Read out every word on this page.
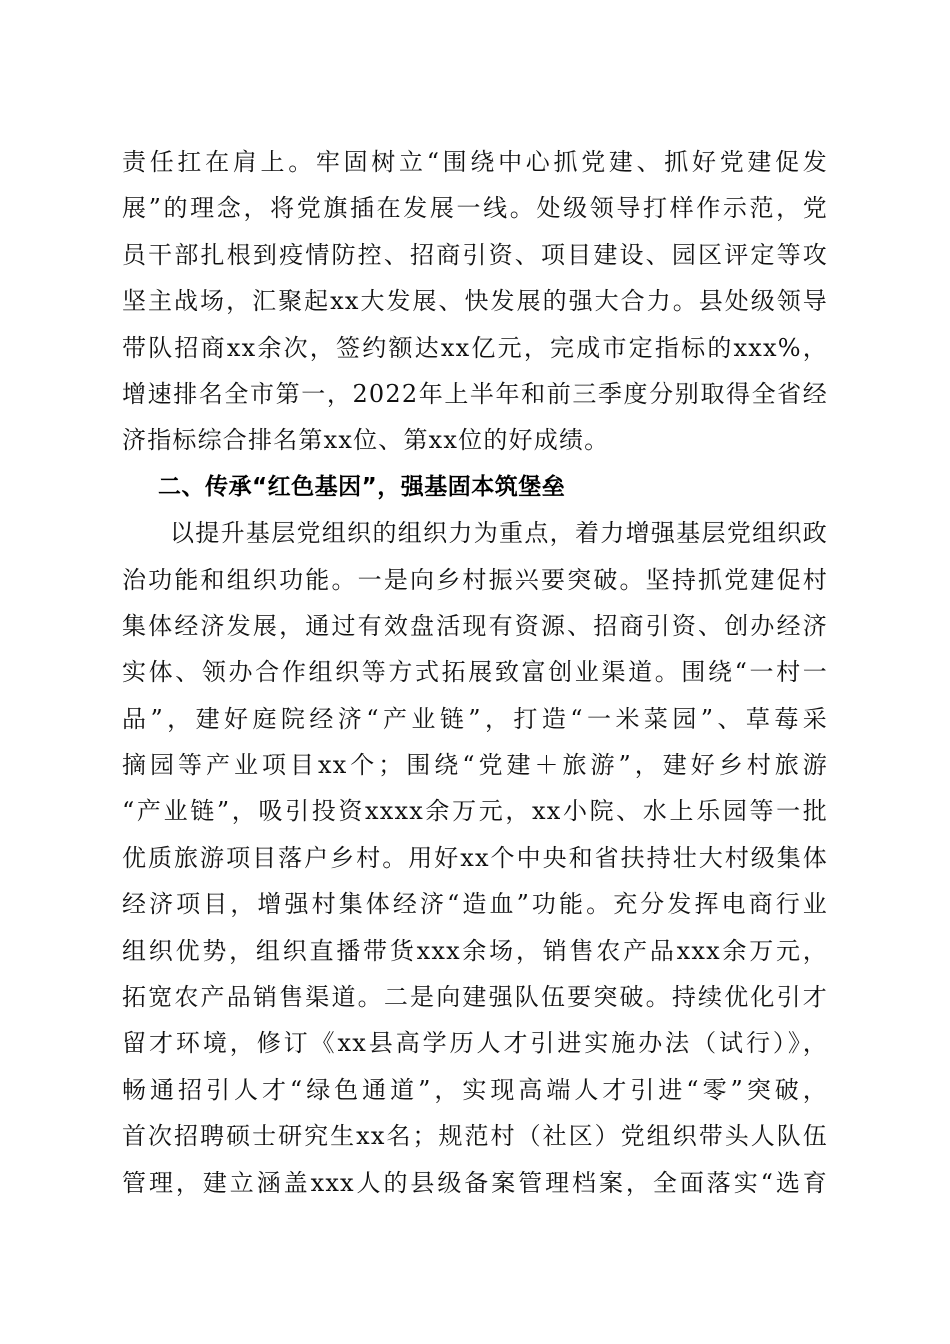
责任扛在肩上。牢固树立“围绕中心抓党建、抓好党建促发
展”的理念，将党旗插在发展一线。处级领导打样作示范，党
员干部扎根到疫情防控、招商引资、项目建设、园区评定等攻
坚主战场，汇聚起xx大发展、快发展的强大合力。县处级领导
带队招商xx余次，签约额达xx亿元，完成市定指标的xxx%，
增速排名全市第一，2022年上半年和前三季度分别取得全省经
济指标综合排名第xx位、第xx位的好成绩。
二、传承“红色基因”，强基固本筑堡垒
以提升基层党组织的组织力为重点，着力增强基层党组织政
治功能和组织功能。一是向乡村振兴要突破。坚持抓党建促村
集体经济发展，通过有效盘活现有资源、招商引资、创办经济
实体、领办合作组织等方式拓展致富创业渠道。围绕“一村一
品”，建好庭院经济“产业链”，打造“一米菜园”、草莓采
摘园等产业项目xx个；围绕“党建＋旅游”，建好乡村旅游
“产业链”，吸引投资xxxx余万元，xx小院、水上乐园等一批
优质旅游项目落户乡村。用好xx个中央和省扶持壮大村级集体
经济项目，增强村集体经济“造血”功能。充分发挥电商行业
组织优势，组织直播带货xxx余场，销售农产品xxx余万元，
拓宽农产品销售渠道。二是向建强队伍要突破。持续优化引才
留才环境，修订《xx县高学历人才引进实施办法（试行）》，
畅通招引人才“绿色通道”，实现高端人才引进“零”突破，
首次招聘硕士研究生xx名；规范村（社区）党组织带头人队伍
管理，建立涵盖xxx人的县级备案管理档案，全面落实“选育
